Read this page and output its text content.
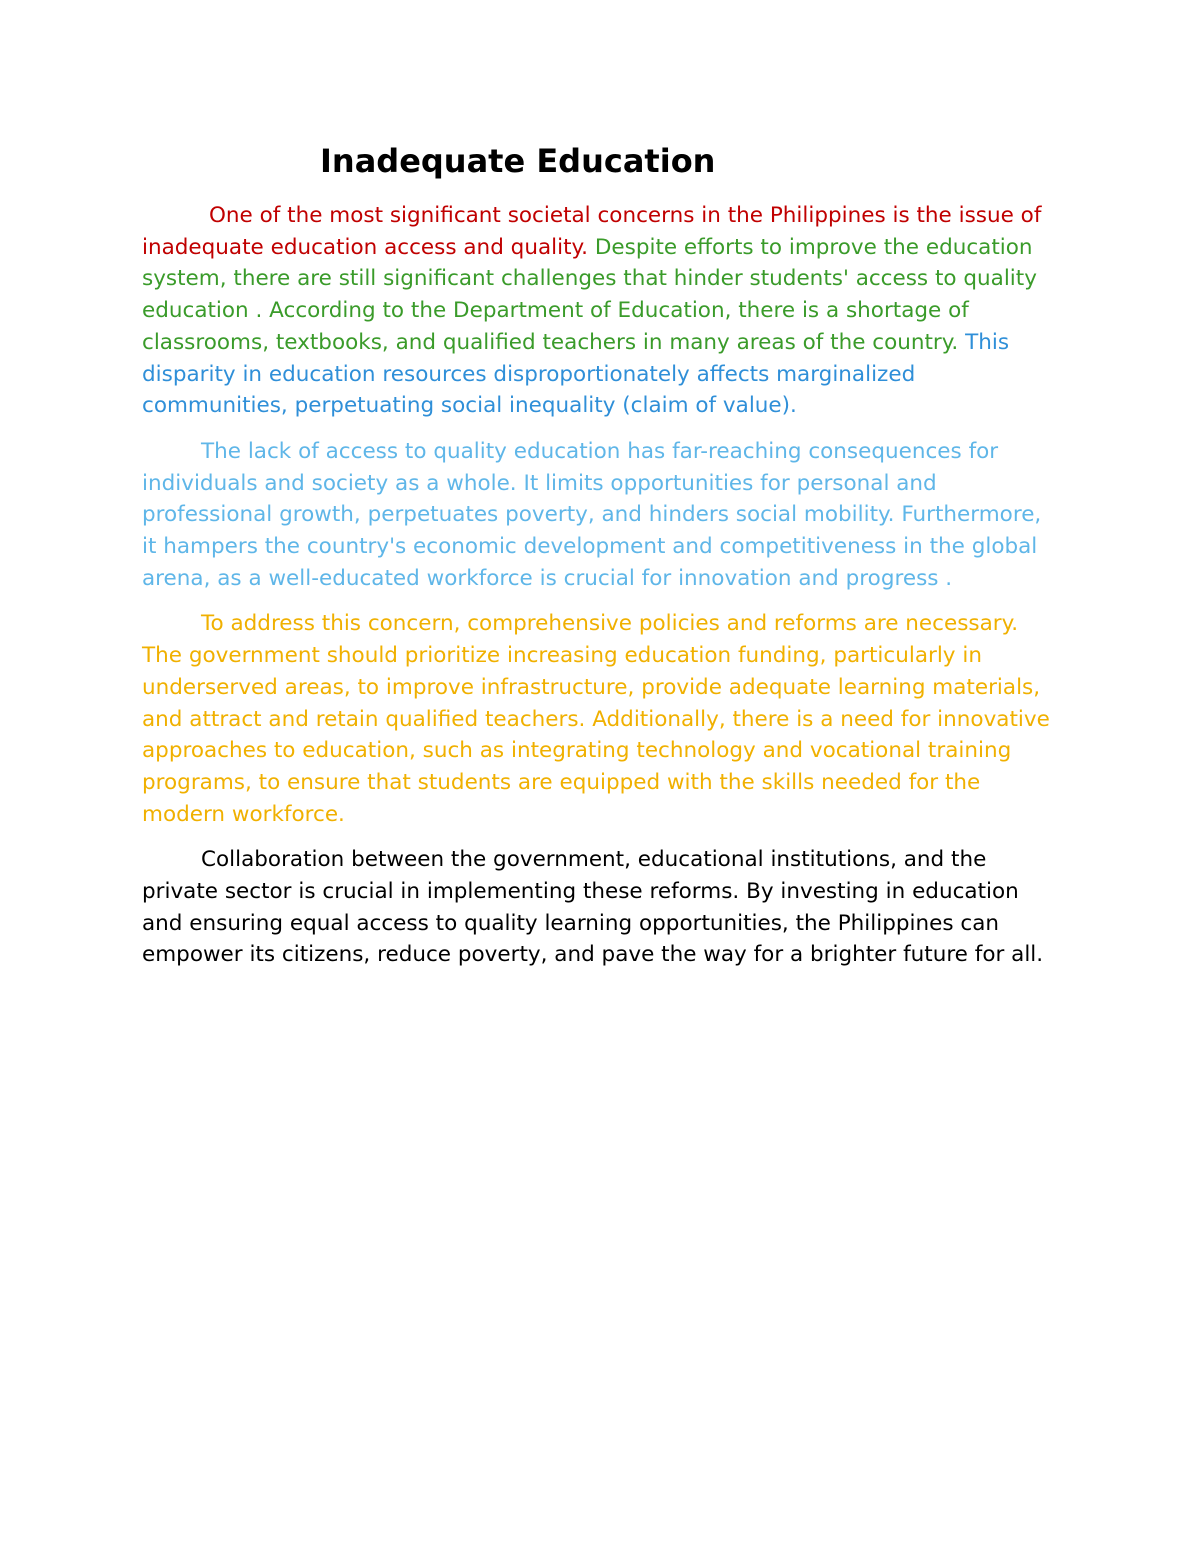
Inadequate Education

One of the most significant societal concerns in the Philippines is the issue of inadequate education access and quality. Despite efforts to improve the education system, there are still significant challenges that hinder students' access to quality education . According to the Department of Education, there is a shortage of classrooms, textbooks, and qualified teachers in many areas of the country. This disparity in education resources disproportionately affects marginalized communities, perpetuating social inequality (claim of value).

The lack of access to quality education has far-reaching consequences for individuals and society as a whole. It limits opportunities for personal and professional growth, perpetuates poverty, and hinders social mobility. Furthermore, it hampers the country's economic development and competitiveness in the global arena, as a well-educated workforce is crucial for innovation and progress .

To address this concern, comprehensive policies and reforms are necessary. The government should prioritize increasing education funding, particularly in underserved areas, to improve infrastructure, provide adequate learning materials, and attract and retain qualified teachers. Additionally, there is a need for innovative approaches to education, such as integrating technology and vocational training programs, to ensure that students are equipped with the skills needed for the modern workforce.

Collaboration between the government, educational institutions, and the private sector is crucial in implementing these reforms. By investing in education and ensuring equal access to quality learning opportunities, the Philippines can empower its citizens, reduce poverty, and pave the way for a brighter future for all.
